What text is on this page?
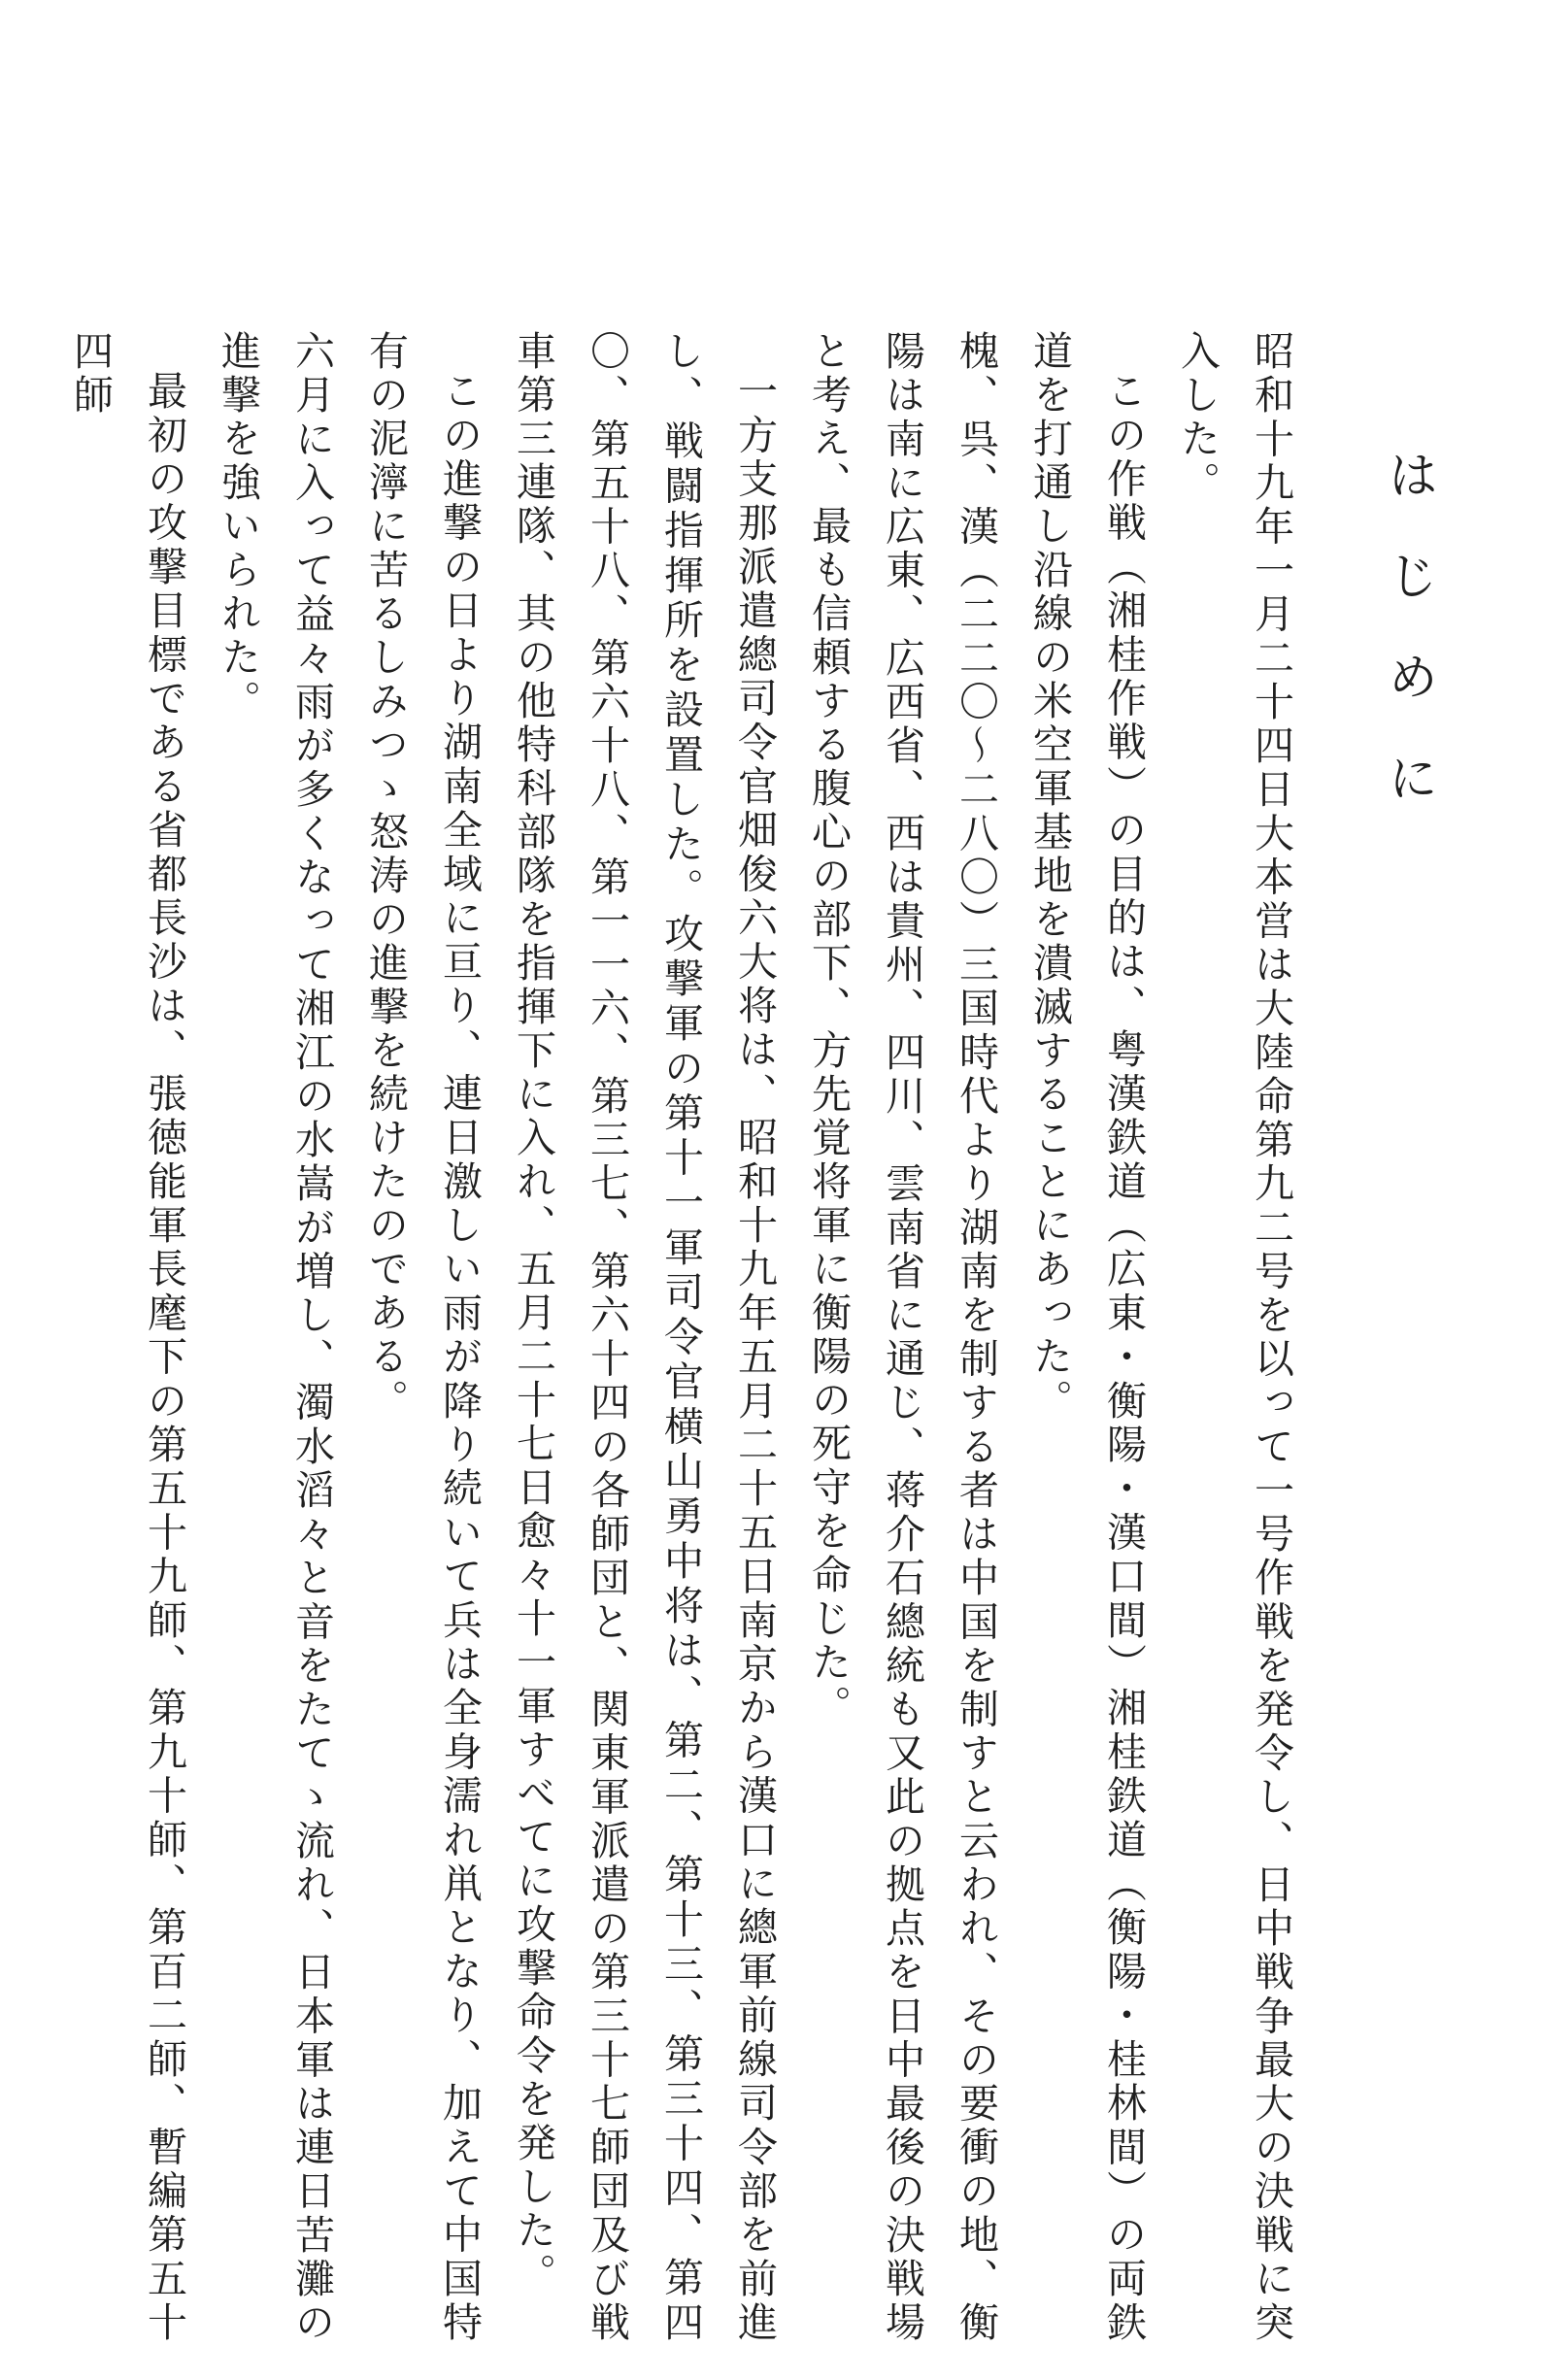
はじめに

昭和十九年一月二十四日大本営は大陸命第九二号を以って一号作戦を発令し、日中戦争最大の決戦に突入した。

この作戦（湘桂作戦）の目的は、粤漢鉄道（広東・衡陽・漢口間）湘桂鉄道（衡陽・桂林間）の両鉄道を打通し沿線の米空軍基地を潰滅することにあった。

槐、呉、漢（二二〇～二八〇）三国時代より湖南を制する者は中国を制すと云われ、その要衝の地、衡陽は南に広東、広西省、西は貴州、四川、雲南省に通じ、蒋介石總統も又此の拠点を日中最後の決戦場と考え、最も信頼する腹心の部下、方先覚将軍に衡陽の死守を命じた。

一方支那派遣總司令官畑俊六大将は、昭和十九年五月二十五日南京から漢口に總軍前線司令部を前進し、戦闘指揮所を設置した。攻撃軍の第十一軍司令官横山勇中将は、第二、第十三、第三十四、第四〇、第五十八、第六十八、第一一六、第三七、第六十四の各師団と、関東軍派遣の第三十七師団及び戦車第三連隊、其の他特科部隊を指揮下に入れ、五月二十七日愈々十一軍すべてに攻撃命令を発した。

この進撃の日より湖南全域に亘り、連日激しい雨が降り続いて兵は全身濡れ鼡となり、加えて中国特有の泥濘に苦るしみつゝ怒涛の進撃を続けたのである。

六月に入って益々雨が多くなって湘江の水嵩が増し、濁水滔々と音をたてゝ流れ、日本軍は連日苦灘の進撃を強いられた。

最初の攻撃目標である省都長沙は、張徳能軍長麾下の第五十九師、第九十師、第百二師、暫編第五十四師
